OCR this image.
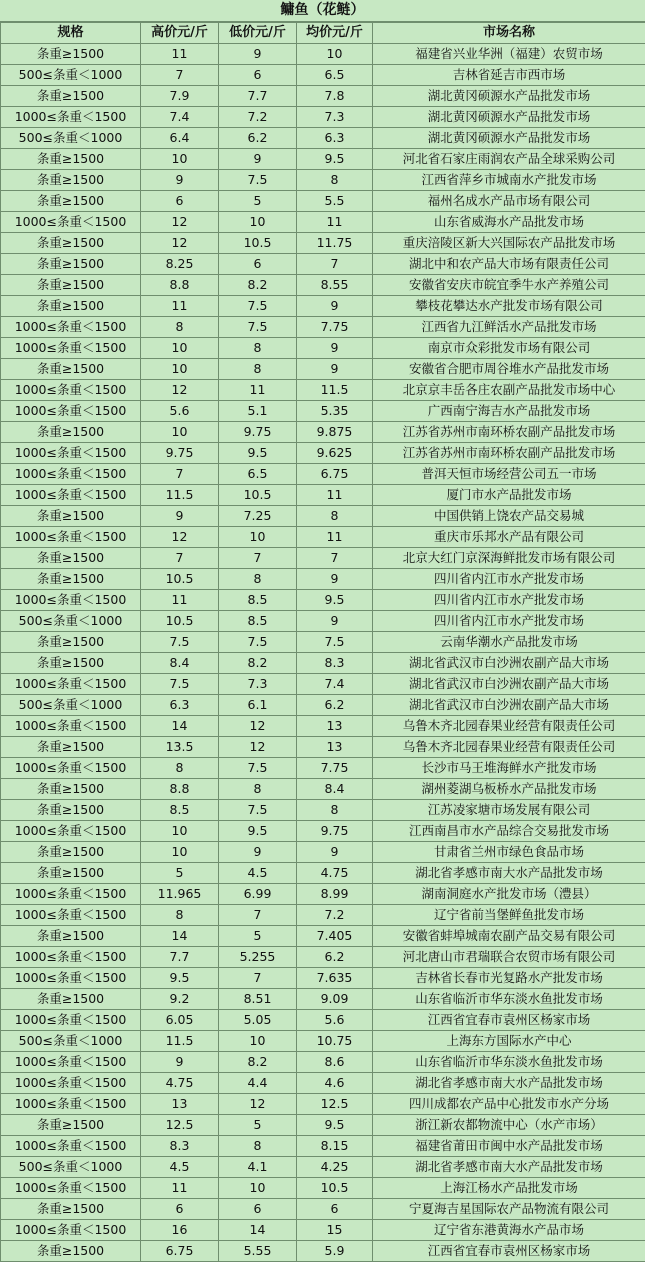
鳙鱼（花鲢）
规格	高价元/斤	低价元/斤	均价元/斤	市场名称
条重≥1500	11	9	10	福建省兴业华洲（福建）农贸市场
500≤条重＜1000	7	6	6.5	吉林省延吉市西市场
条重≥1500	7.9	7.7	7.8	湖北黄冈硕源水产品批发市场
1000≤条重＜1500	7.4	7.2	7.3	湖北黄冈硕源水产品批发市场
500≤条重＜1000	6.4	6.2	6.3	湖北黄冈硕源水产品批发市场
条重≥1500	10	9	9.5	河北省石家庄雨润农产品全球采购公司
条重≥1500	9	7.5	8	江西省萍乡市城南水产批发市场
条重≥1500	6	5	5.5	福州名成水产品市场有限公司
1000≤条重＜1500	12	10	11	山东省威海水产品批发市场
条重≥1500	12	10.5	11.75	重庆涪陵区新大兴国际农产品批发市场
条重≥1500	8.25	6	7	湖北中和农产品大市场有限责任公司
条重≥1500	8.8	8.2	8.55	安徽省安庆市皖宜季牛水产养殖公司
条重≥1500	11	7.5	9	攀枝花攀达水产批发市场有限公司
1000≤条重＜1500	8	7.5	7.75	江西省九江鲜活水产品批发市场
1000≤条重＜1500	10	8	9	南京市众彩批发市场有限公司
条重≥1500	10	8	9	安徽省合肥市周谷堆水产品批发市场
1000≤条重＜1500	12	11	11.5	北京京丰岳各庄农副产品批发市场中心
1000≤条重＜1500	5.6	5.1	5.35	广西南宁海吉水产品批发市场
条重≥1500	10	9.75	9.875	江苏省苏州市南环桥农副产品批发市场
1000≤条重＜1500	9.75	9.5	9.625	江苏省苏州市南环桥农副产品批发市场
1000≤条重＜1500	7	6.5	6.75	普洱天恒市场经营公司五一市场
1000≤条重＜1500	11.5	10.5	11	厦门市水产品批发市场
条重≥1500	9	7.25	8	中国供销上饶农产品交易城
1000≤条重＜1500	12	10	11	重庆市乐邦水产品有限公司
条重≥1500	7	7	7	北京大红门京深海鲜批发市场有限公司
条重≥1500	10.5	8	9	四川省内江市水产批发市场
1000≤条重＜1500	11	8.5	9.5	四川省内江市水产批发市场
500≤条重＜1000	10.5	8.5	9	四川省内江市水产批发市场
条重≥1500	7.5	7.5	7.5	云南华潮水产品批发市场
条重≥1500	8.4	8.2	8.3	湖北省武汉市白沙洲农副产品大市场
1000≤条重＜1500	7.5	7.3	7.4	湖北省武汉市白沙洲农副产品大市场
500≤条重＜1000	6.3	6.1	6.2	湖北省武汉市白沙洲农副产品大市场
1000≤条重＜1500	14	12	13	乌鲁木齐北园春果业经营有限责任公司
条重≥1500	13.5	12	13	乌鲁木齐北园春果业经营有限责任公司
1000≤条重＜1500	8	7.5	7.75	长沙市马王堆海鲜水产批发市场
条重≥1500	8.8	8	8.4	湖州菱湖乌板桥水产品批发市场
条重≥1500	8.5	7.5	8	江苏凌家塘市场发展有限公司
1000≤条重＜1500	10	9.5	9.75	江西南昌市水产品综合交易批发市场
条重≥1500	10	9	9	甘肃省兰州市绿色食品市场
条重≥1500	5	4.5	4.75	湖北省孝感市南大水产品批发市场
1000≤条重＜1500	11.965	6.99	8.99	湖南洞庭水产批发市场（澧县）
1000≤条重＜1500	8	7	7.2	辽宁省前当堡鲜鱼批发市场
条重≥1500	14	5	7.405	安徽省蚌埠城南农副产品交易有限公司
1000≤条重＜1500	7.7	5.255	6.2	河北唐山市君瑞联合农贸市场有限公司
1000≤条重＜1500	9.5	7	7.635	吉林省长春市光复路水产批发市场
条重≥1500	9.2	8.51	9.09	山东省临沂市华东淡水鱼批发市场
1000≤条重＜1500	6.05	5.05	5.6	江西省宜春市袁州区杨家市场
500≤条重＜1000	11.5	10	10.75	上海东方国际水产中心
1000≤条重＜1500	9	8.2	8.6	山东省临沂市华东淡水鱼批发市场
1000≤条重＜1500	4.75	4.4	4.6	湖北省孝感市南大水产品批发市场
1000≤条重＜1500	13	12	12.5	四川成都农产品中心批发市水产分场
条重≥1500	12.5	5	9.5	浙江新农都物流中心（水产市场）
1000≤条重＜1500	8.3	8	8.15	福建省莆田市闽中水产品批发市场
500≤条重＜1000	4.5	4.1	4.25	湖北省孝感市南大水产品批发市场
1000≤条重＜1500	11	10	10.5	上海江杨水产品批发市场
条重≥1500	6	6	6	宁夏海吉星国际农产品物流有限公司
1000≤条重＜1500	16	14	15	辽宁省东港黄海水产品市场
条重≥1500	6.75	5.55	5.9	江西省宜春市袁州区杨家市场
